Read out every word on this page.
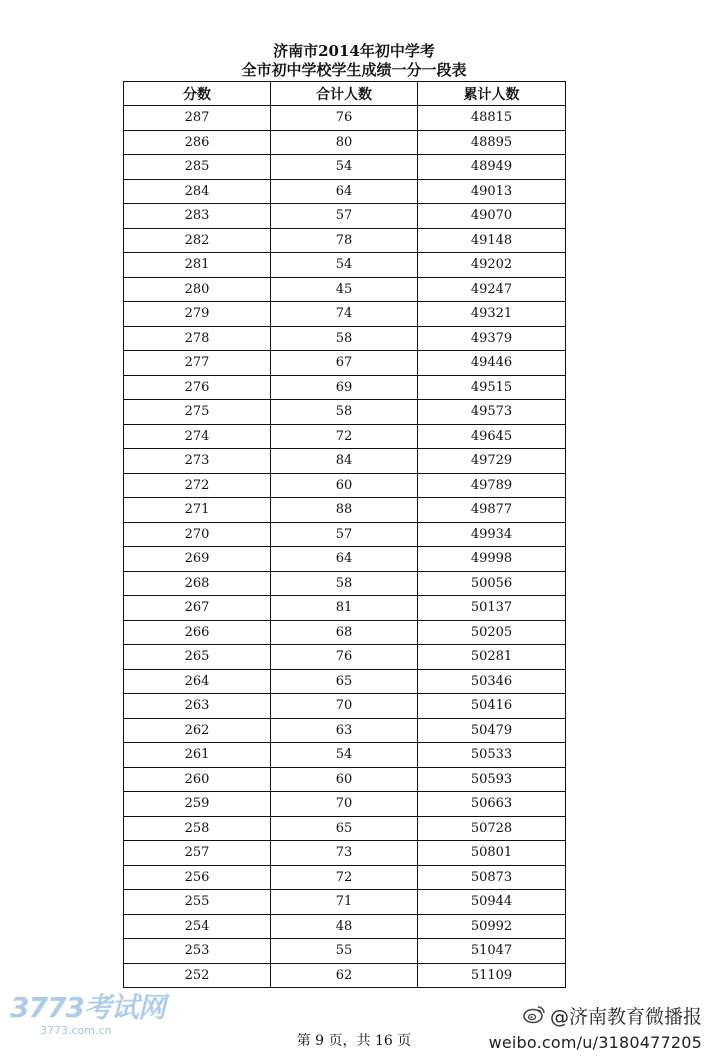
济南市2014年初中学考
全市初中学校学生成绩一分一段表
分数	合计人数	累计人数
287	76	48815
286	80	48895
285	54	48949
284	64	49013
283	57	49070
282	78	49148
281	54	49202
280	45	49247
279	74	49321
278	58	49379
277	67	49446
276	69	49515
275	58	49573
274	72	49645
273	84	49729
272	60	49789
271	88	49877
270	57	49934
269	64	49998
268	58	50056
267	81	50137
266	68	50205
265	76	50281
264	65	50346
263	70	50416
262	63	50479
261	54	50533
260	60	50593
259	70	50663
258	65	50728
257	73	50801
256	72	50873
255	71	50944
254	48	50992
253	55	51047
252	62	51109
第 9 页，共 16 页
3773考试网
3773.com.cn
@济南教育微播报
weibo.com/u/3180477205
